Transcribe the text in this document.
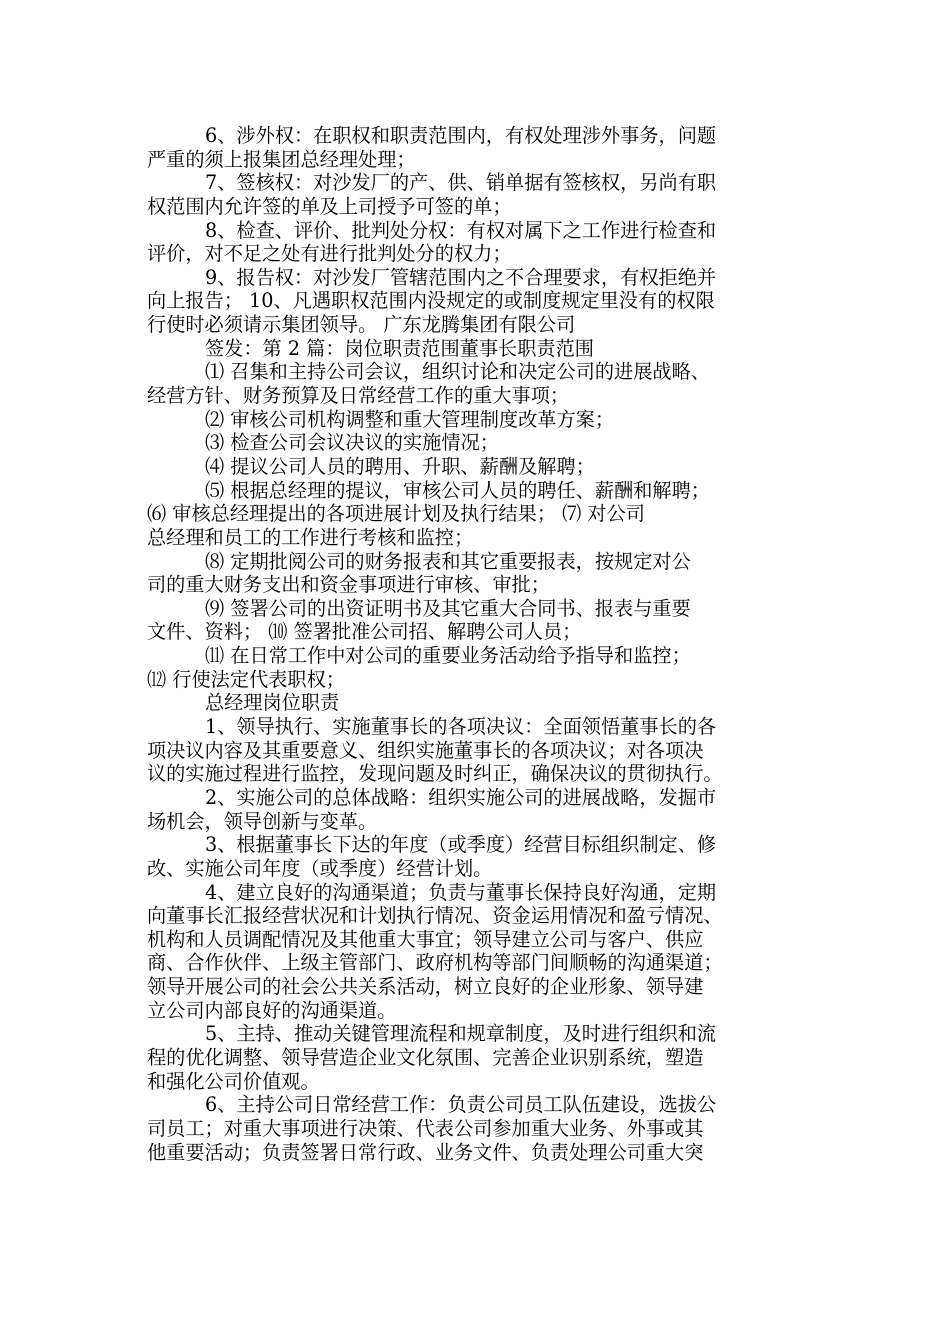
6、涉外权：在职权和职责范围内，有权处理涉外事务，问题
严重的须上报集团总经理处理；
7、签核权：对沙发厂的产、供、销单据有签核权，另尚有职
权范围内允许签的单及上司授予可签的单；
8、检查、评价、批判处分权：有权对属下之工作进行检查和
评价，对不足之处有进行批判处分的权力；
9、报告权：对沙发厂管辖范围内之不合理要求，有权拒绝并
向上报告； 10、凡遇职权范围内没规定的或制度规定里没有的权限
行使时必须请示集团领导。 广东龙腾集团有限公司
签发：第 2 篇：岗位职责范围董事长职责范围
⑴ 召集和主持公司会议，组织讨论和决定公司的进展战略、
经营方针、财务预算及日常经营工作的重大事项；
⑵ 审核公司机构调整和重大管理制度改革方案；
⑶ 检查公司会议决议的实施情况；
⑷ 提议公司人员的聘用、升职、薪酬及解聘；
⑸ 根据总经理的提议，审核公司人员的聘任、薪酬和解聘；
⑹ 审核总经理提出的各项进展计划及执行结果； ⑺ 对公司
总经理和员工的工作进行考核和监控；
⑻ 定期批阅公司的财务报表和其它重要报表，按规定对公
司的重大财务支出和资金事项进行审核、审批；
⑼ 签署公司的出资证明书及其它重大合同书、报表与重要
文件、资料； ⑽ 签署批准公司招、解聘公司人员；
⑾ 在日常工作中对公司的重要业务活动给予指导和监控；
⑿ 行使法定代表职权；
总经理岗位职责
1、领导执行、实施董事长的各项决议：全面领悟董事长的各
项决议内容及其重要意义、组织实施董事长的各项决议；对各项决
议的实施过程进行监控，发现问题及时纠正，确保决议的贯彻执行。
2、实施公司的总体战略：组织实施公司的进展战略，发掘市
场机会，领导创新与变革。
3、根据董事长下达的年度（或季度）经营目标组织制定、修
改、实施公司年度（或季度）经营计划。
4、建立良好的沟通渠道；负责与董事长保持良好沟通，定期
向董事长汇报经营状况和计划执行情况、资金运用情况和盈亏情况、
机构和人员调配情况及其他重大事宜；领导建立公司与客户、供应
商、合作伙伴、上级主管部门、政府机构等部门间顺畅的沟通渠道；
领导开展公司的社会公共关系活动，树立良好的企业形象、领导建
立公司内部良好的沟通渠道。
5、主持、推动关键管理流程和规章制度，及时进行组织和流
程的优化调整、领导营造企业文化氛围、完善企业识别系统，塑造
和强化公司价值观。
6、主持公司日常经营工作：负责公司员工队伍建设，选拔公
司员工；对重大事项进行决策、代表公司参加重大业务、外事或其
他重要活动；负责签署日常行政、业务文件、负责处理公司重大突
